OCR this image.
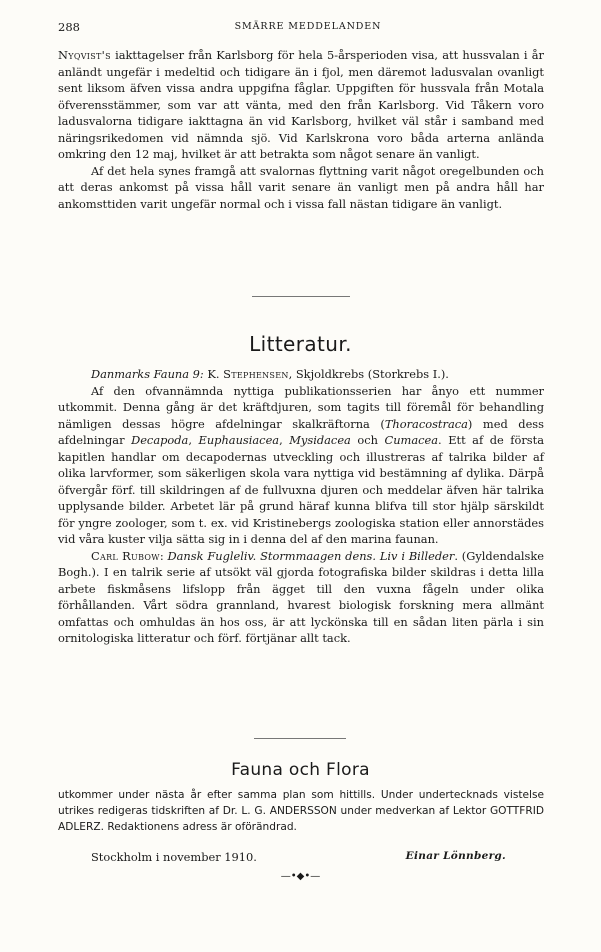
288	SMÄRRE MEDDELANDEN

Nyqvist's iakttagelser från Karlsborg för hela 5-årsperioden visa, att hussvalan i år anländt ungefär i medeltid och tidigare än i fjol, men däremot ladusvalan ovanligt sent liksom äfven vissa andra uppgifna fåglar. Uppgiften för hussvala från Motala öfverensstämmer, som var att vänta, med den från Karlsborg. Vid Tåkern voro ladusvalorna tidigare iakttagna än vid Karlsborg, hvilket väl står i samband med näringsrikedomen vid nämnda sjö. Vid Karlskrona voro båda arterna anlända omkring den 12 maj, hvilket är att betrakta som något senare än vanligt.

Af det hela synes framgå att svalornas flyttning varit något oregelbunden och att deras ankomst på vissa håll varit senare än vanligt men på andra håll har ankomsttiden varit ungefär normal och i vissa fall nästan tidigare än vanligt.

Litteratur.

Danmarks Fauna 9: K. Stephensen, Skjoldkrebs (Storkrebs I.).

Af den ofvannämnda nyttiga publikationsserien har ånyo ett nummer utkommit. Denna gång är det kräftdjuren, som tagits till föremål för behandling nämligen dessas högre afdelningar skalkräftorna (Thoracostraca) med dess afdelningar Decapoda, Euphausiacea, Mysidacea och Cumacea. Ett af de första kapitlen handlar om decapodernas utveckling och illustreras af talrika bilder af olika larvformer, som säkerligen skola vara nyttiga vid bestämning af dylika. Därpå öfvergår förf. till skildringen af de fullvuxna djuren och meddelar äfven här talrika upplysande bilder. Arbetet lär på grund häraf kunna blifva till stor hjälp särskildt för yngre zoologer, som t. ex. vid Kristinebergs zoologiska station eller annorstädes vid våra kuster vilja sätta sig in i denna del af den marina faunan.

Carl Rubow: Dansk Fugleliv. Stormmaagen dens. Liv i Billeder. (Gyldendalske Bogh.). I en talrik serie af utsökt väl gjorda fotografiska bilder skildras i detta lilla arbete fiskmåsens lifslopp från ägget till den vuxna fågeln under olika förhållanden. Vårt södra grannland, hvarest biologisk forskning mera allmänt omfattas och omhuldas än hos oss, är att lyckönska till en sådan liten pärla i sin ornitologiska litteratur och förf. förtjänar allt tack.

Fauna och Flora

utkommer under nästa år efter samma plan som hittills. Under undertecknads vistelse utrikes redigeras tidskriften af Dr. L. G. ANDERSSON under medverkan af Lektor GOTTFRID ADLERZ. Redaktionens adress är oförändrad.

Stockholm i november 1910.	Einar Lönnberg.
—•◆•—
